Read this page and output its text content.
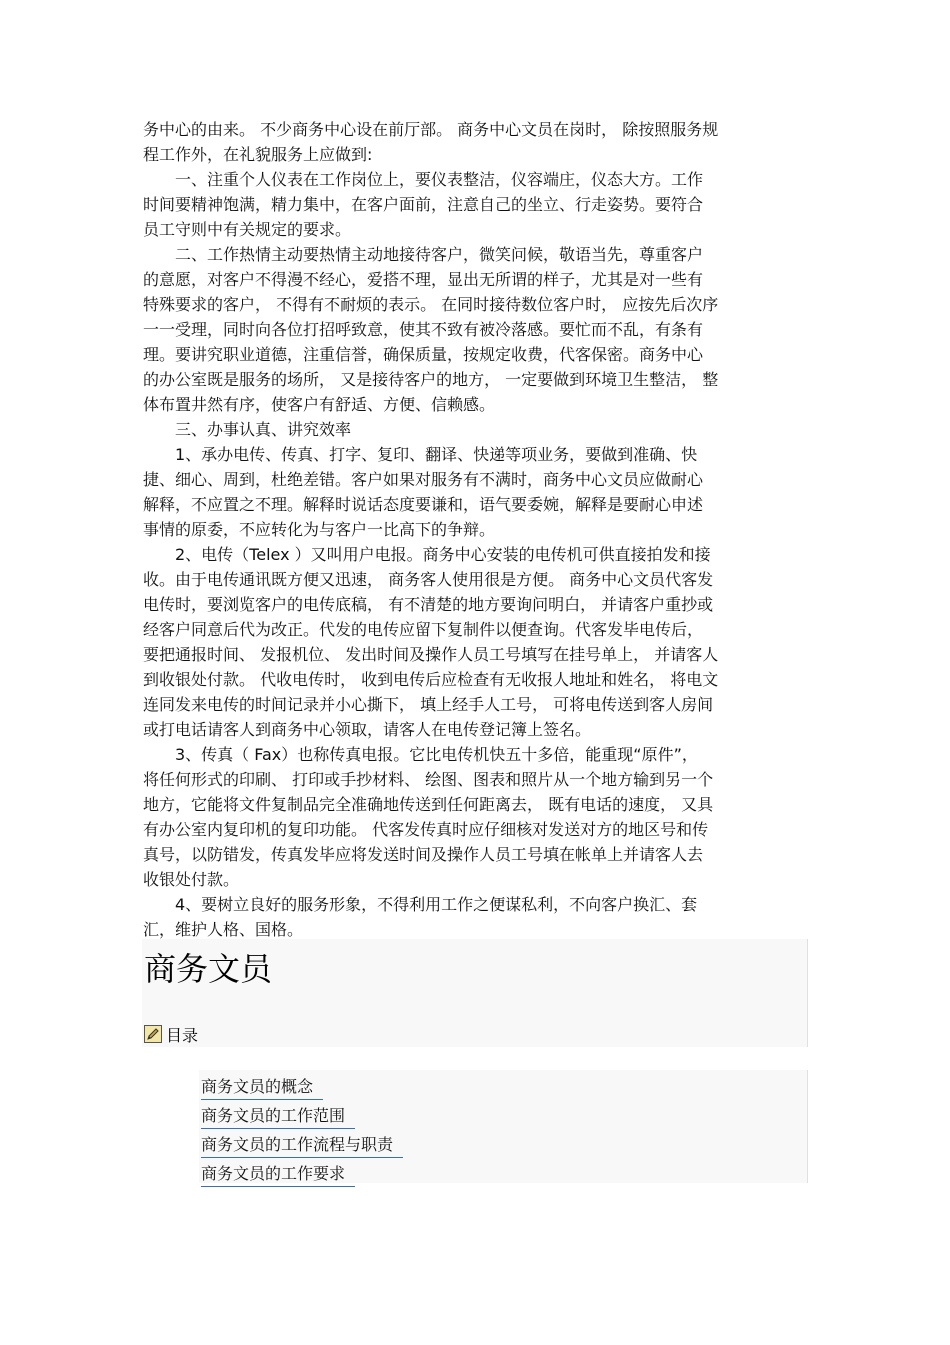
务中心的由来。 不少商务中心设在前厅部。 商务中心文员在岗时， 除按照服务规
程工作外，在礼貌服务上应做到:
　　一、注重个人仪表在工作岗位上，要仪表整洁，仪容端庄，仪态大方。工作
时间要精神饱满，精力集中，在客户面前，注意自己的坐立、行走姿势。要符合
员工守则中有关规定的要求。
　　二、工作热情主动要热情主动地接待客户，微笑问候，敬语当先，尊重客户
的意愿，对客户不得漫不经心，爱搭不理，显出无所谓的样子，尤其是对一些有
特殊要求的客户， 不得有不耐烦的表示。 在同时接待数位客户时， 应按先后次序
一一受理，同时向各位打招呼致意，使其不致有被冷落感。要忙而不乱，有条有
理。要讲究职业道德，注重信誉，确保质量，按规定收费，代客保密。商务中心
的办公室既是服务的场所， 又是接待客户的地方， 一定要做到环境卫生整洁， 整
体布置井然有序，使客户有舒适、方便、信赖感。
　　三、办事认真、讲究效率
　　1、承办电传、传真、打字、复印、翻译、快递等项业务，要做到准确、快
捷、细心、周到，杜绝差错。客户如果对服务有不满时，商务中心文员应做耐心
解释，不应置之不理。解释时说话态度要谦和，语气要委婉，解释是要耐心申述
事情的原委，不应转化为与客户一比高下的争辩。
　　2、电传（Telex ）又叫用户电报。商务中心安装的电传机可供直接拍发和接
收。由于电传通讯既方便又迅速， 商务客人使用很是方便。 商务中心文员代客发
电传时，要浏览客户的电传底稿， 有不清楚的地方要询问明白， 并请客户重抄或
经客户同意后代为改正。代发的电传应留下复制件以便查询。代客发毕电传后，
要把通报时间、 发报机位、 发出时间及操作人员工号填写在挂号单上， 并请客人
到收银处付款。 代收电传时， 收到电传后应检查有无收报人地址和姓名， 将电文
连同发来电传的时间记录并小心撕下， 填上经手人工号， 可将电传送到客人房间
或打电话请客人到商务中心领取，请客人在电传登记簿上签名。
　　3、传真（ Fax）也称传真电报。它比电传机快五十多倍，能重现“原件”，
将任何形式的印刷、 打印或手抄材料、 绘图、图表和照片从一个地方输到另一个
地方，它能将文件复制品完全准确地传送到任何距离去， 既有电话的速度， 又具
有办公室内复印机的复印功能。 代客发传真时应仔细核对发送对方的地区号和传
真号，以防错发，传真发毕应将发送时间及操作人员工号填在帐单上并请客人去
收银处付款。
　　4、要树立良好的服务形象，不得利用工作之便谋私利，不向客户换汇、套
汇，维护人格、国格。
商务文员
目录
商务文员的概念
商务文员的工作范围
商务文员的工作流程与职责
商务文员的工作要求
